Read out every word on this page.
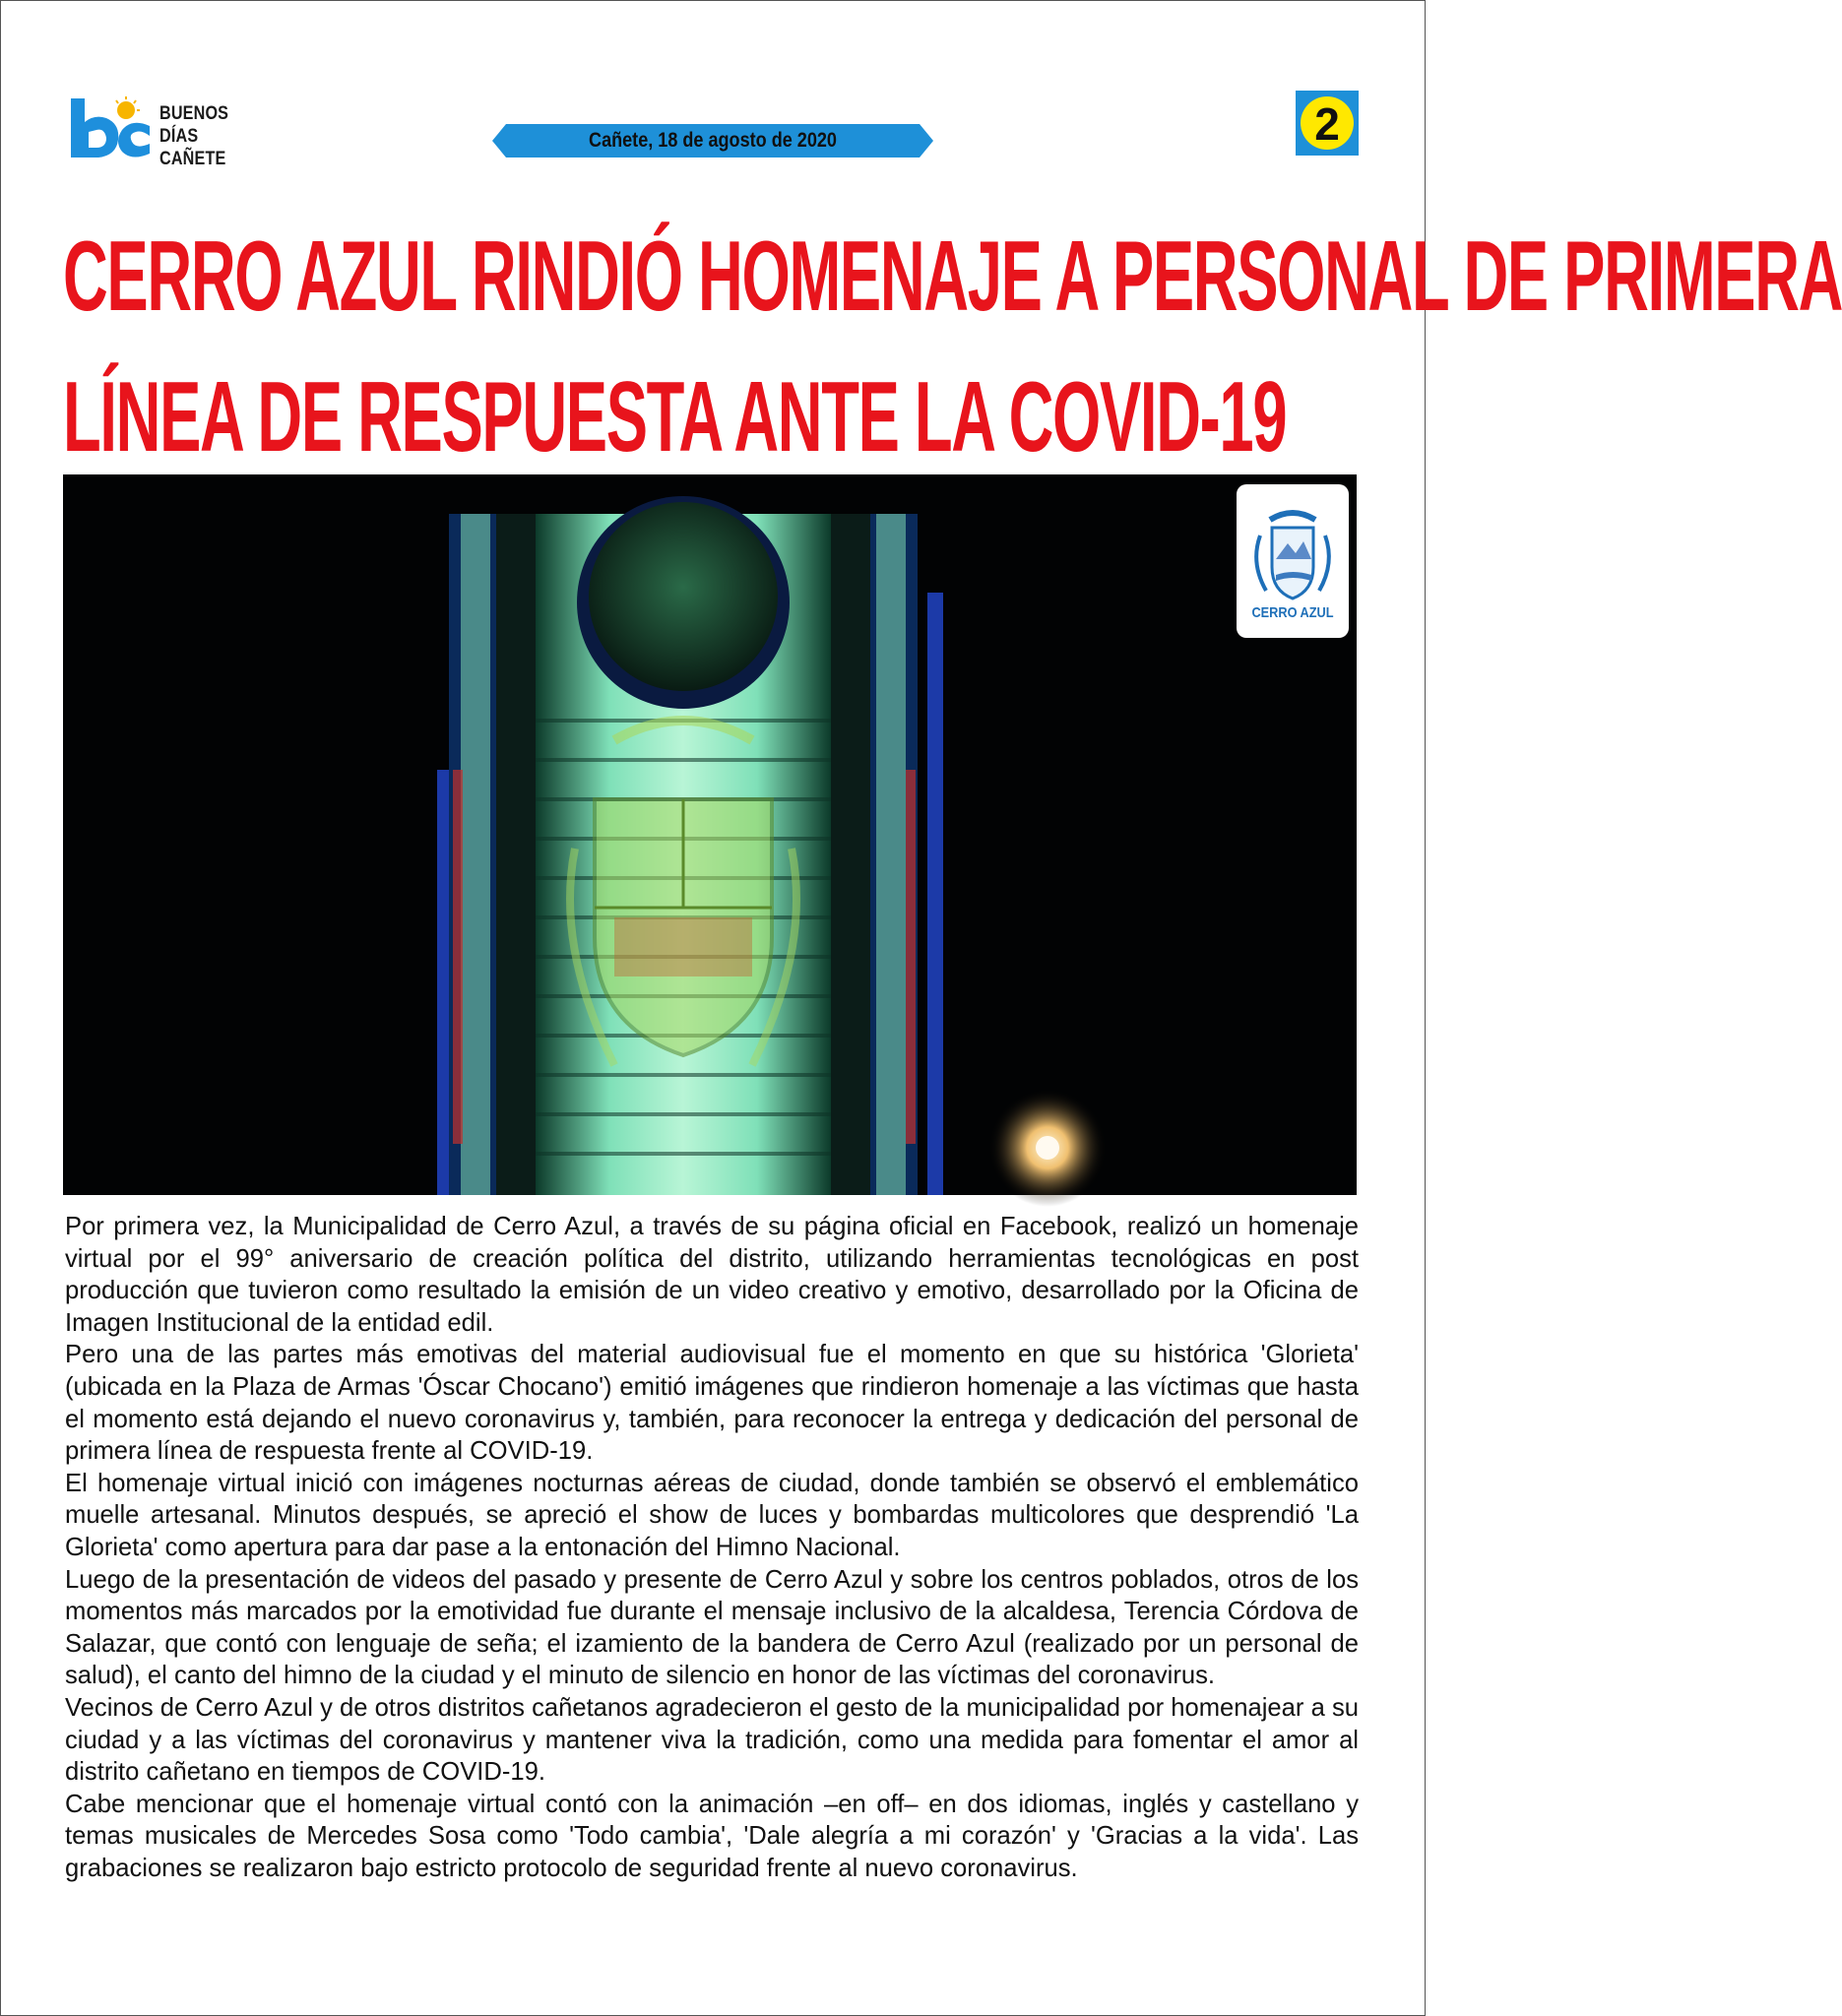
BUENOS
DÍAS CAÑETE
Cañete, 18 de agosto de 2020	2
CERRO AZUL RINDIÓ HOMENAJE A PERSONAL DE PRIMERA
LÍNEA DE RESPUESTA ANTE LA COVID-19
CERRO AZUL

Por primera vez, la Municipalidad de Cerro Azul, a través de su página oficial en Facebook, realizó un homenaje virtual por el 99° aniversario de creación política del distrito, utilizando herramientas tecnológicas en post producción que tuvieron como resultado la emisión de un video creativo y emotivo, desarrollado por la Oficina de Imagen Institucional de la entidad edil.

Pero una de las partes más emotivas del material audiovisual fue el momento en que su histórica 'Glorieta' (ubicada en la Plaza de Armas 'Óscar Chocano') emitió imágenes que rindieron homenaje a las víctimas que hasta el momento está dejando el nuevo coronavirus y, también, para reconocer la entrega y dedicación del personal de primera línea de respuesta frente al COVID-19.

El homenaje virtual inició con imágenes nocturnas aéreas de ciudad, donde también se observó el emblemático muelle artesanal. Minutos después, se apreció el show de luces y bombardas multicolores que desprendió 'La Glorieta' como apertura para dar pase a la entonación del Himno Nacional.

Luego de la presentación de videos del pasado y presente de Cerro Azul y sobre los centros poblados, otros de los momentos más marcados por la emotividad fue durante el mensaje inclusivo de la alcaldesa, Terencia Córdova de Salazar, que contó con lenguaje de seña; el izamiento de la bandera de Cerro Azul (realizado por un personal de salud), el canto del himno de la ciudad y el minuto de silencio en honor de las víctimas del coronavirus.

Vecinos de Cerro Azul y de otros distritos cañetanos agradecieron el gesto de la municipalidad por homenajear a su ciudad y a las víctimas del coronavirus y mantener viva la tradición, como una medida para fomentar el amor al distrito cañetano en tiempos de COVID-19.

Cabe mencionar que el homenaje virtual contó con la animación –en off– en dos idiomas, inglés y castellano y temas musicales de Mercedes Sosa como 'Todo cambia', 'Dale alegría a mi corazón' y 'Gracias a la vida'. Las grabaciones se realizaron bajo estricto protocolo de seguridad frente al nuevo coronavirus.
